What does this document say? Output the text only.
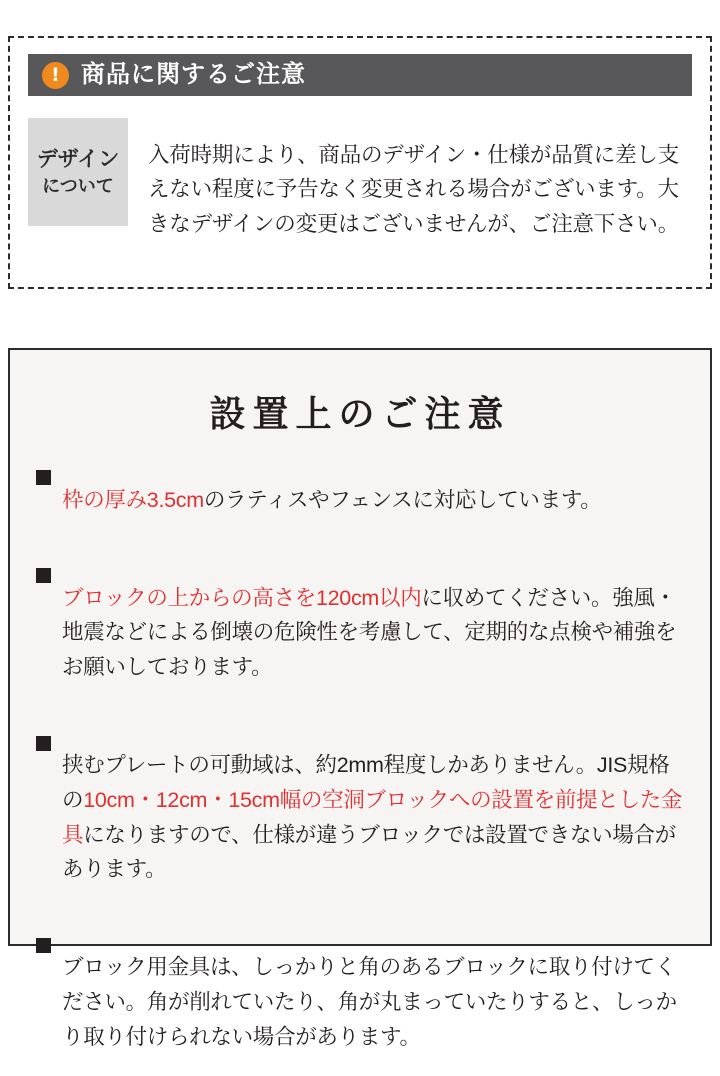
! 商品に関するご注意
デザイン
について

入荷時期により、商品のデザイン・仕様が品質に差し支えない程度に予告なく変更される場合がございます。大きなデザインの変更はございませんが、ご注意下さい。

設置上のご注意

枠の厚み3.5cmのラティスやフェンスに対応しています。

ブロックの上からの高さを120cm以内に収めてください。強風・地震などによる倒壊の危険性を考慮して、定期的な点検や補強をお願いしております。

挟むプレートの可動域は、約2mm程度しかありません。JIS規格の10cm・12cm・15cm幅の空洞ブロックへの設置を前提とした金具になりますので、仕様が違うブロックでは設置できない場合があります。

ブロック用金具は、しっかりと角のあるブロックに取り付けてください。角が削れていたり、角が丸まっていたりすると、しっかり取り付けられない場合があります。
